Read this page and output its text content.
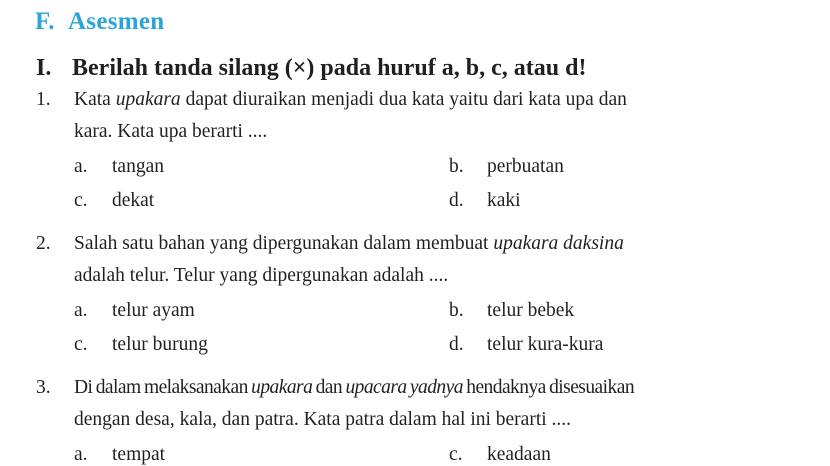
F. Asesmen
I. Berilah tanda silang (×) pada huruf a, b, c, atau d!
1. Kata upakara dapat diuraikan menjadi dua kata yaitu dari kata upa dan
kara. Kata upa berarti ....
a. tangan	b. perbuatan
c. dekat	d. kaki
2. Salah satu bahan yang dipergunakan dalam membuat upakara daksina
adalah telur. Telur yang dipergunakan adalah ....
a. telur ayam	b. telur bebek
c. telur burung	d. telur kura-kura
3. Di dalam melaksanakan upakara dan upacara yadnya hendaknya disesuaikan
dengan desa, kala, dan patra. Kata patra dalam hal ini berarti ....
a. tempat	c. keadaan
